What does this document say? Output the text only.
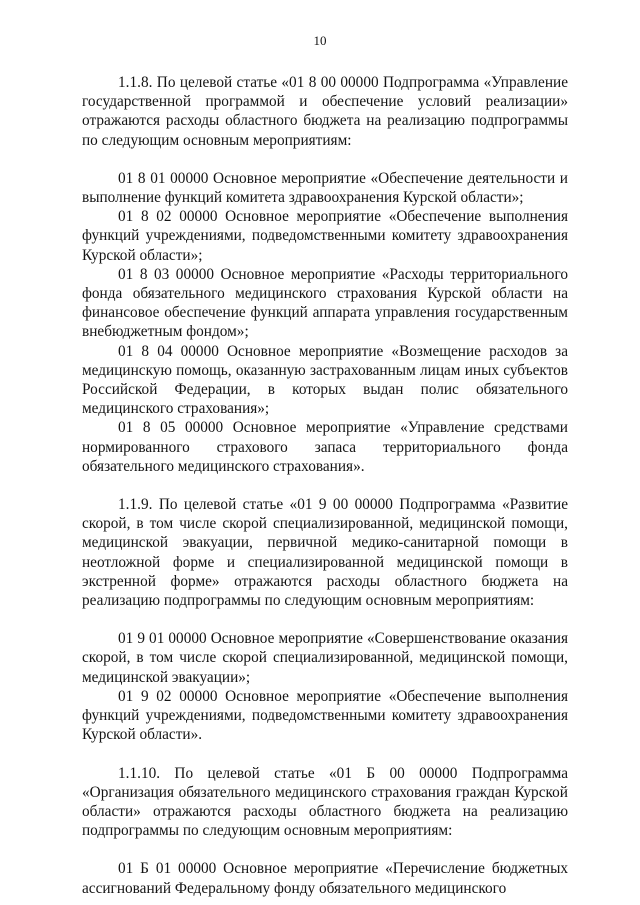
10

1.1.8. По целевой статье «01 8 00 00000 Подпрограмма «Управление государственной программой и обеспечение условий реализации» отражаются расходы областного бюджета на реализацию подпрограммы по следующим основным мероприятиям:

01 8 01 00000 Основное мероприятие «Обеспечение деятельности и выполнение функций комитета здравоохранения Курской области»;

01 8 02 00000 Основное мероприятие «Обеспечение выполнения функций учреждениями, подведомственными комитету здравоохранения Курской области»;

01 8 03 00000 Основное мероприятие «Расходы территориального фонда обязательного медицинского страхования Курской области на финансовое обеспечение функций аппарата управления государственным внебюджетным фондом»;

01 8 04 00000 Основное мероприятие «Возмещение расходов за медицинскую помощь, оказанную застрахованным лицам иных субъектов Российской Федерации, в которых выдан полис обязательного медицинского страхования»;

01 8 05 00000 Основное мероприятие «Управление средствами нормированного страхового запаса территориального фонда обязательного медицинского страхования».

1.1.9. По целевой статье «01 9 00 00000 Подпрограмма «Развитие скорой, в том числе скорой специализированной, медицинской помощи, медицинской эвакуации, первичной медико-санитарной помощи в неотложной форме и специализированной медицинской помощи в экстренной форме» отражаются расходы областного бюджета на реализацию подпрограммы по следующим основным мероприятиям:

01 9 01 00000 Основное мероприятие «Совершенствование оказания скорой, в том числе скорой специализированной, медицинской помощи, медицинской эвакуации»;

01 9 02 00000 Основное мероприятие «Обеспечение выполнения функций учреждениями, подведомственными комитету здравоохранения Курской области».

1.1.10. По целевой статье «01 Б 00 00000 Подпрограмма «Организация обязательного медицинского страхования граждан Курской области» отражаются расходы областного бюджета на реализацию подпрограммы по следующим основным мероприятиям:

01 Б 01 00000 Основное мероприятие «Перечисление бюджетных ассигнований Федеральному фонду обязательного медицинского
